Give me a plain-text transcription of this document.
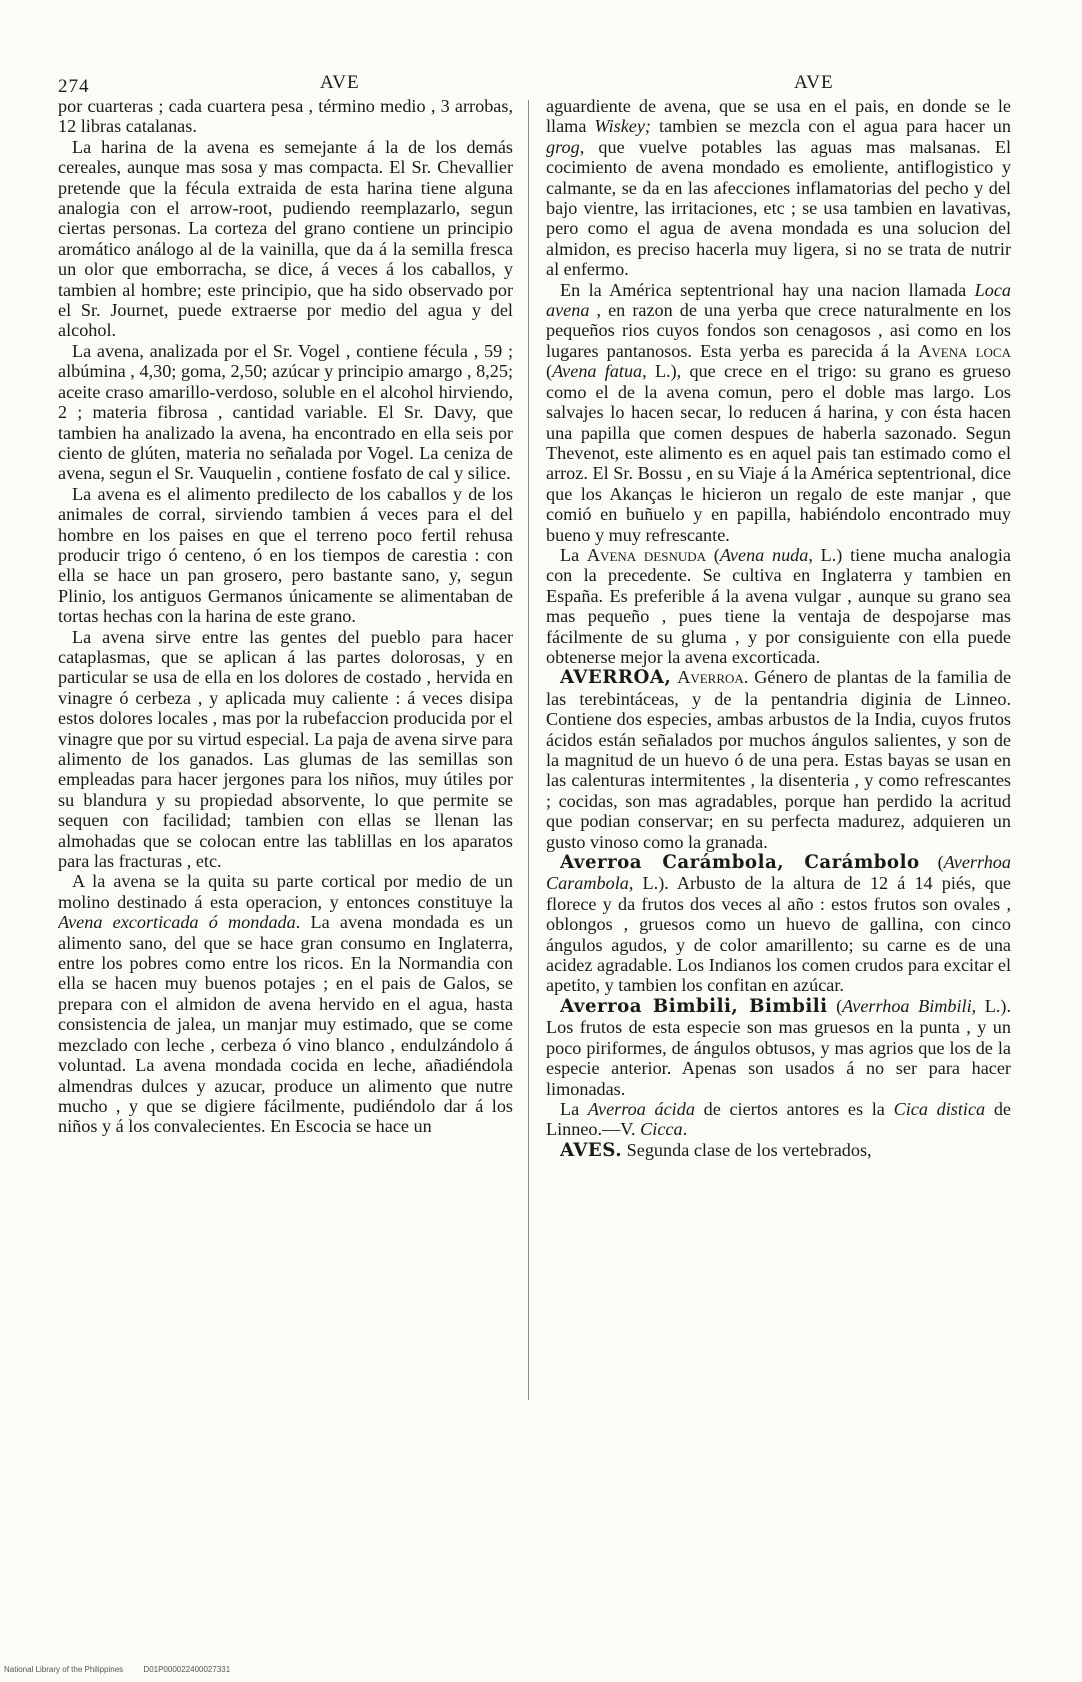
274	AVE	AVE

por cuarteras ; cada cuartera pesa , término medio , 3 arrobas, 12 libras catalanas.

La harina de la avena es semejante á la de los demás cereales, aunque mas sosa y mas compacta. El Sr. Chevallier pretende que la fécula extraida de esta harina tiene alguna analogia con el arrow-root, pudiendo reemplazarlo, segun ciertas personas. La corteza del grano contiene un principio aromático análogo al de la vainilla, que da á la semilla fresca un olor que emborracha, se dice, á veces á los caballos, y tambien al hombre; este principio, que ha sido observado por el Sr. Journet, puede extraerse por medio del agua y del alcohol.

La avena, analizada por el Sr. Vogel , contiene fécula , 59 ; albúmina , 4,30; goma, 2,50; azúcar y principio amargo , 8,25; aceite craso amarillo-verdoso, soluble en el alcohol hirviendo, 2 ; materia fibrosa , cantidad variable. El Sr. Davy, que tambien ha analizado la avena, ha encontrado en ella seis por ciento de glúten, materia no señalada por Vogel. La ceniza de avena, segun el Sr. Vauquelin , contiene fosfato de cal y silice.

La avena es el alimento predilecto de los caballos y de los animales de corral, sirviendo tambien á veces para el del hombre en los paises en que el terreno poco fertil rehusa producir trigo ó centeno, ó en los tiempos de carestia : con ella se hace un pan grosero, pero bastante sano, y, segun Plinio, los antiguos Germanos únicamente se alimentaban de tortas hechas con la harina de este grano.

La avena sirve entre las gentes del pueblo para hacer cataplasmas, que se aplican á las partes dolorosas, y en particular se usa de ella en los dolores de costado , hervida en vinagre ó cerbeza , y aplicada muy caliente : á veces disipa estos dolores locales , mas por la rubefaccion producida por el vinagre que por su virtud especial. La paja de avena sirve para alimento de los ganados. Las glumas de las semillas son empleadas para hacer jergones para los niños, muy útiles por su blandura y su propiedad absorvente, lo que permite se sequen con facilidad; tambien con ellas se llenan las almohadas que se colocan entre las tablillas en los aparatos para las fracturas , etc.

A la avena se la quita su parte cortical por medio de un molino destinado á esta operacion, y entonces constituye la Avena excorticada ó mondada. La avena mondada es un alimento sano, del que se hace gran consumo en Inglaterra, entre los pobres como entre los ricos. En la Normandia con ella se hacen muy buenos potajes ; en el pais de Galos, se prepara con el almidon de avena hervido en el agua, hasta consistencia de jalea, un manjar muy estimado, que se come mezclado con leche , cerbeza ó vino blanco , endulzándolo á voluntad. La avena mondada cocida en leche, añadiéndola almendras dulces y azucar, produce un alimento que nutre mucho , y que se digiere fácilmente, pudiéndolo dar á los niños y á los convalecientes. En Escocia se hace un

aguardiente de avena, que se usa en el pais, en donde se le llama Wiskey; tambien se mezcla con el agua para hacer un grog, que vuelve potables las aguas mas malsanas. El cocimiento de avena mondado es emoliente, antiflogistico y calmante, se da en las afecciones inflamatorias del pecho y del bajo vientre, las irritaciones, etc ; se usa tambien en lavativas, pero como el agua de avena mondada es una solucion del almidon, es preciso hacerla muy ligera, si no se trata de nutrir al enfermo.

En la América septentrional hay una nacion llamada Loca avena , en razon de una yerba que crece naturalmente en los pequeños rios cuyos fondos son cenagosos , asi como en los lugares pantanosos. Esta yerba es parecida á la Avena loca (Avena fatua, L.), que crece en el trigo: su grano es grueso como el de la avena comun, pero el doble mas largo. Los salvajes lo hacen secar, lo reducen á harina, y con ésta hacen una papilla que comen despues de haberla sazonado. Segun Thevenot, este alimento es en aquel pais tan estimado como el arroz. El Sr. Bossu , en su Viaje á la América septentrional, dice que los Akanças le hicieron un regalo de este manjar , que comió en buñuelo y en papilla, habiéndolo encontrado muy bueno y muy refrescante.

La Avena desnuda (Avena nuda, L.) tiene mucha analogia con la precedente. Se cultiva en Inglaterra y tambien en España. Es preferible á la avena vulgar , aunque su grano sea mas pequeño , pues tiene la ventaja de despojarse mas fácilmente de su gluma , y por consiguiente con ella puede obtenerse mejor la avena excorticada.

AVERROA, Averroa. Género de plantas de la familia de las terebintáceas, y de la pentandria diginia de Linneo. Contiene dos especies, ambas arbustos de la India, cuyos frutos ácidos están señalados por muchos ángulos salientes, y son de la magnitud de un huevo ó de una pera. Estas bayas se usan en las calenturas intermitentes , la disenteria , y como refrescantes ; cocidas, son mas agradables, porque han perdido la acritud que podian conservar; en su perfecta madurez, adquieren un gusto vinoso como la granada.

Averroa Carámbola, Carámbolo (Averrhoa Carambola, L.). Arbusto de la altura de 12 á 14 piés, que florece y da frutos dos veces al año : estos frutos son ovales , oblongos , gruesos como un huevo de gallina, con cinco ángulos agudos, y de color amarillento; su carne es de una acidez agradable. Los Indianos los comen crudos para excitar el apetito, y tambien los confitan en azúcar.

Averroa Bimbili, Bimbili (Averrhoa Bimbili, L.). Los frutos de esta especie son mas gruesos en la punta , y un poco piriformes, de ángulos obtusos, y mas agrios que los de la especie anterior. Apenas son usados á no ser para hacer limonadas.

La Averroa ácida de ciertos antores es la Cica distica de Linneo.—V. Cicca.

AVES. Segunda clase de los vertebrados,

National Library of the Philippines	D01P000022400027331
